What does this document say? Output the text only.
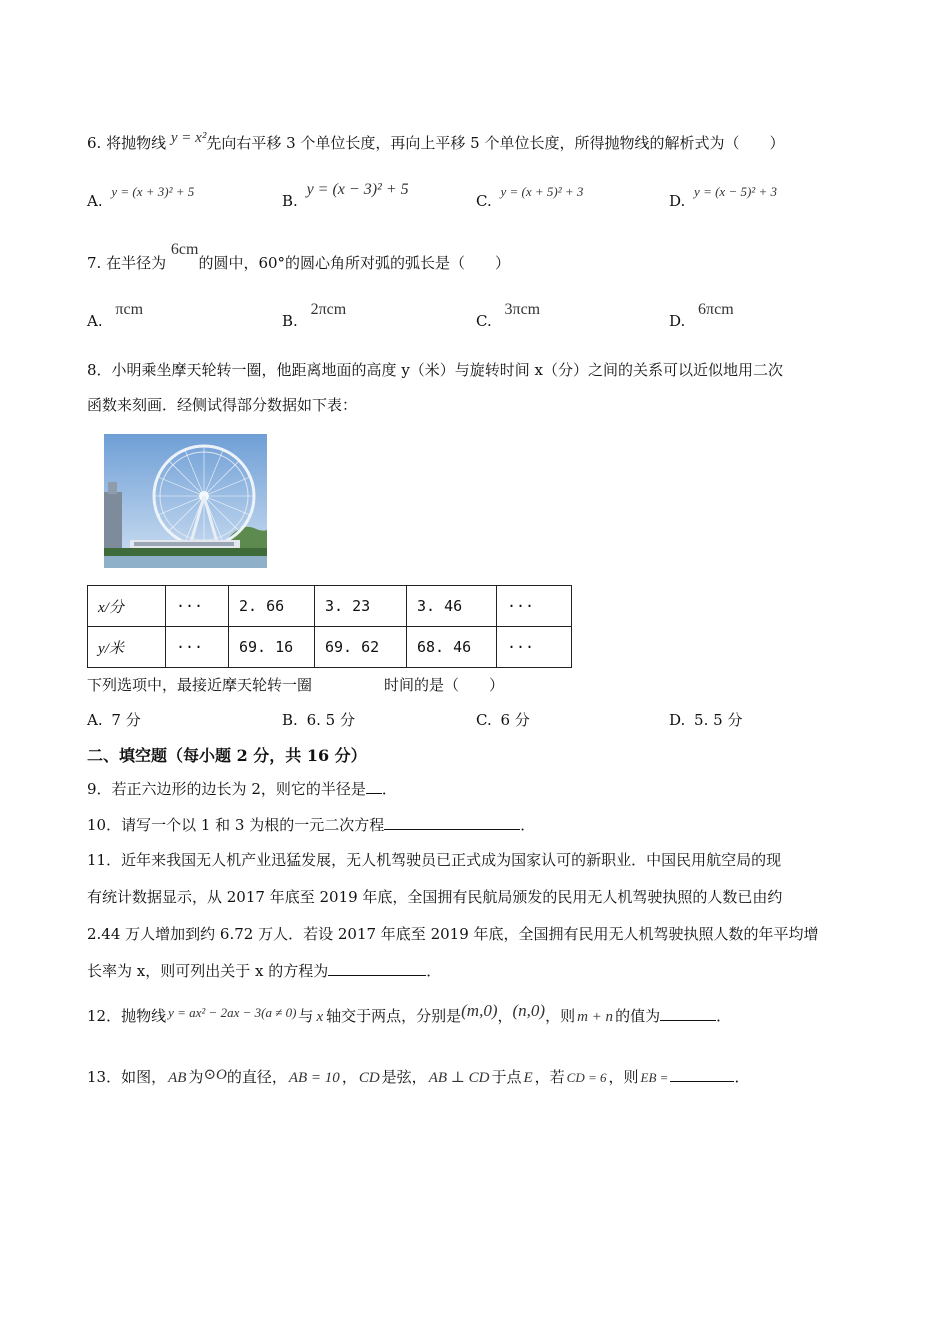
6. 将抛物线 y = x²先向右平移 3 个单位长度，再向上平移 5 个单位长度，所得抛物线的解析式为（　　）
A. y = (x + 3)² + 5
B. y = (x − 3)² + 5
C. y = (x + 5)² + 3
D. y = (x − 5)² + 3
7. 在半径为 6cm的圆中，60°的圆心角所对弧的弧长是（　　）
A. πcm
B. 2πcm
C. 3πcm
D. 6πcm
8．小明乘坐摩天轮转一圈，他距离地面的高度 y（米）与旋转时间 x（分）之间的关系可以近似地用二次
函数来刻画．经侧试得部分数据如下表：
x/分	···	2. 66	3. 23	3. 46	···
y/米	···	69. 16	69. 62	68. 46	···
下列选项中，最接近摩天轮转一圈	时间的是（　　）
A. 7 分	B. 6. 5 分	C. 6 分	D. 5. 5 分
二、填空题（每小题 2 分，共 16 分）
9．若正六边形的边长为 2，则它的半径是 ．
10．请写一个以 1 和 3 为根的一元二次方程	．
11．近年来我国无人机产业迅猛发展，无人机驾驶员已正式成为国家认可的新职业．中国民用航空局的现
有统计数据显示，从 2017 年底至 2019 年底，全国拥有民航局颁发的民用无人机驾驶执照的人数已由约
2.44 万人增加到约 6.72 万人．若设 2017 年底至 2019 年底，全国拥有民用无人机驾驶执照人数的年平均增
长率为 x，则可列出关于 x 的方程为	．
12．抛物线 y = ax² − 2ax − 3(a ≠ 0) 与 x 轴交于两点，分别是(m,0)，(n,0)，则 m + n 的值为	．
13．如图， AB 为⊙O的直径， AB = 10 ， CD 是弦， AB ⊥ CD 于点 E ，若 CD = 6 ，则 EB =	．
